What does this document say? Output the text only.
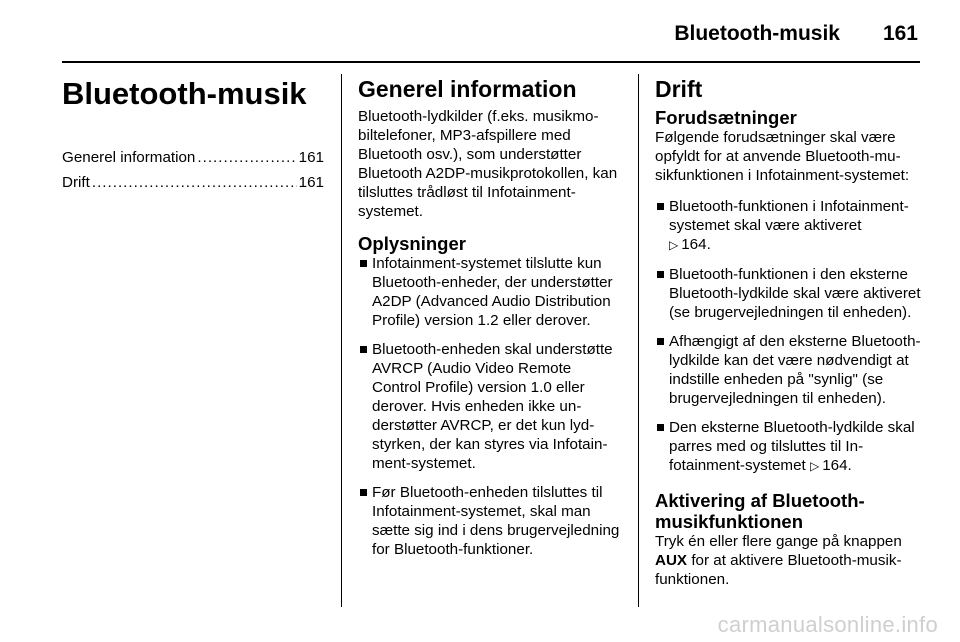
Bluetooth-musik 161
Bluetooth-musik
Generel information .....	161
Drift .....	161
Generel information

Bluetooth-lydkilder (f.eks. musikmobiltelefoner, MP3-afspillere med Bluetooth osv.), som understøtter Bluetooth A2DP-musikprotokollen, kan tilsluttes trådløst til Infotainmentsystemet.

Oplysninger
Infotainment-systemet tilslutte kun Bluetooth-enheder, der understøtter A2DP (Advanced Audio Distribution Profile) version 1.2 eller derover.
Bluetooth-enheden skal understøtte AVRCP (Audio Video Remote Control Profile) version 1.0 eller derover. Hvis enheden ikke understøtter AVRCP, er det kun lydstyrken, der kan styres via Infotainment-systemet.
Før Bluetooth-enheden tilsluttes til Infotainment-systemet, skal man sætte sig ind i dens brugervejledning for Bluetooth-funktioner.
Drift
Forudsætninger

Følgende forudsætninger skal være opfyldt for at anvende Bluetooth-musikfunktionen i Infotainment-systemet:

Bluetooth-funktionen i Infotainment-systemet skal være aktiveret
▷ 164.
Bluetooth-funktionen i den eksterne Bluetooth-lydkilde skal være aktiveret (se brugervejledningen til enheden).
Afhængigt af den eksterne Bluetooth-lydkilde kan det være nødvendigt at indstille enheden på "synlig" (se brugervejledningen til enheden).
Den eksterne Bluetooth-lydkilde skal parres med og tilsluttes til Infotainment-systemet ▷ 164.
Aktivering af Bluetooth-musikfunktionen

Tryk én eller flere gange på knappen AUX for at aktivere Bluetooth-musikfunktionen.

carmanualsonline.info
